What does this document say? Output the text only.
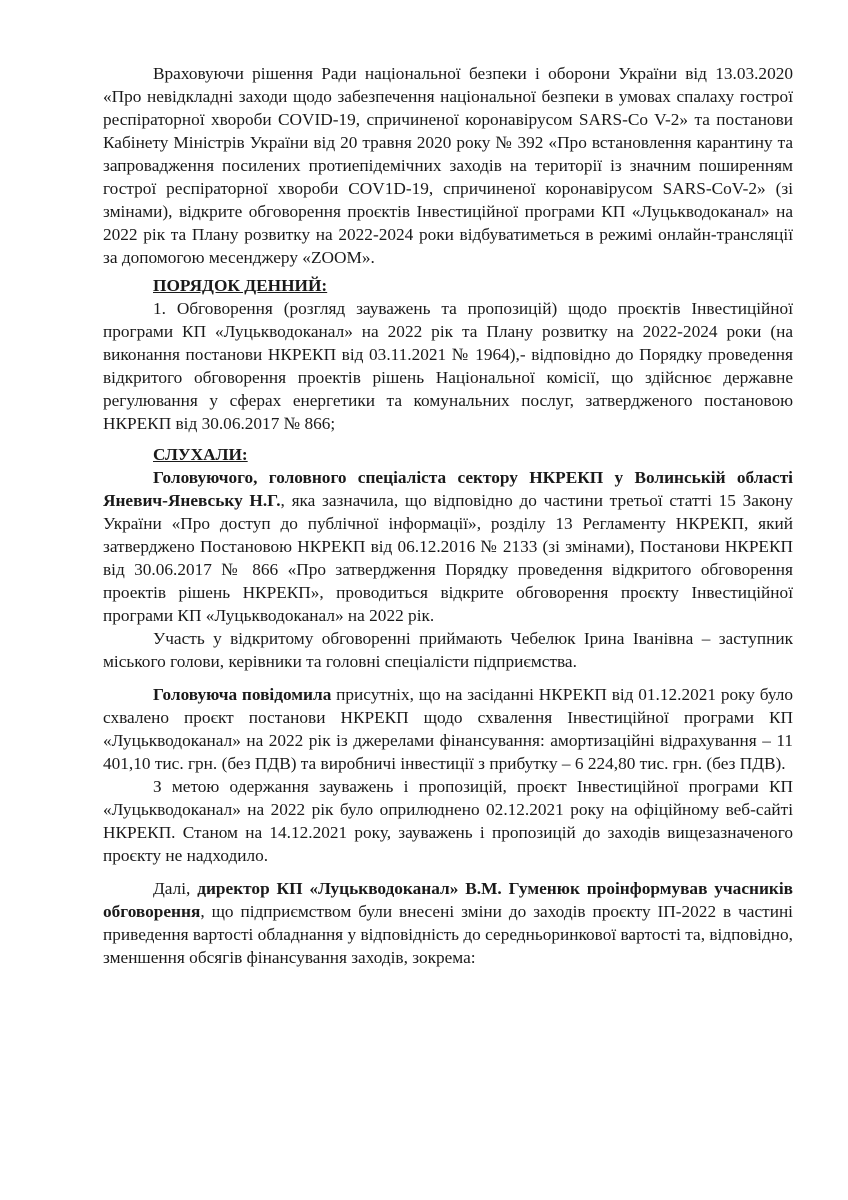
Враховуючи рішення Ради національної безпеки і оборони України від 13.03.2020 «Про невідкладні заходи щодо забезпечення національної безпеки в умовах спалаху гострої респіраторної хвороби COVID-19, спричиненої коронавірусом SARS-Co V-2» та постанови Кабінету Міністрів України від 20 травня 2020 року № 392 «Про встановлення карантину та запровадження посилених протиепідемічних заходів на території із значним поширенням гострої респіраторної хвороби COV1D-19, спричиненої коронавірусом SARS-CoV-2» (зі змінами), відкрите обговорення проєктів Інвестиційної програми КП «Луцькводоканал» на 2022 рік та Плану розвитку на 2022-2024 роки відбуватиметься в режимі онлайн-трансляції за допомогою месенджеру «ZOOM».

ПОРЯДОК ДЕННИЙ:

1. Обговорення (розгляд зауважень та пропозицій) щодо проєктів Інвестиційної програми КП «Луцькводоканал» на 2022 рік та Плану розвитку на 2022-2024 роки (на виконання постанови НКРЕКП від 03.11.2021 № 1964),- відповідно до Порядку проведення відкритого обговорення проектів рішень Національної комісії, що здійснює державне регулювання у сферах енергетики та комунальних послуг, затвердженого постановою НКРЕКП від 30.06.2017 № 866;

СЛУХАЛИ:

Головуючого, головного спеціаліста сектору НКРЕКП у Волинській області Яневич-Яневську Н.Г., яка зазначила, що відповідно до частини третьої статті 15 Закону України «Про доступ до публічної інформації», розділу 13 Регламенту НКРЕКП, який затверджено Постановою НКРЕКП від 06.12.2016 № 2133 (зі змінами), Постанови НКРЕКП від 30.06.2017 № 866 «Про затвердження Порядку проведення відкритого обговорення проектів рішень НКРЕКП», проводиться відкрите обговорення проєкту Інвестиційної програми КП «Луцькводоканал» на 2022 рік.

Участь у відкритому обговоренні приймають Чебелюк Ірина Іванівна – заступник міського голови, керівники та головні спеціалісти підприємства.

Головуюча повідомила присутніх, що на засіданні НКРЕКП від 01.12.2021 року було схвалено проєкт постанови НКРЕКП щодо схвалення Інвестиційної програми КП «Луцькводоканал» на 2022 рік із джерелами фінансування: амортизаційні відрахування – 11 401,10 тис. грн. (без ПДВ) та виробничі інвестиції з прибутку – 6 224,80 тис. грн. (без ПДВ).

З метою одержання зауважень і пропозицій, проєкт Інвестиційної програми КП «Луцькводоканал» на 2022 рік було оприлюднено 02.12.2021 року на офіційному веб-сайті НКРЕКП. Станом на 14.12.2021 року, зауважень і пропозицій до заходів вищезазначеного проєкту не надходило.

Далі, директор КП «Луцькводоканал» В.М. Гуменюк проінформував учасників обговорення, що підприємством були внесені зміни до заходів проєкту ІП-2022 в частині приведення вартості обладнання у відповідність до середньоринкової вартості та, відповідно, зменшення обсягів фінансування заходів, зокрема:
